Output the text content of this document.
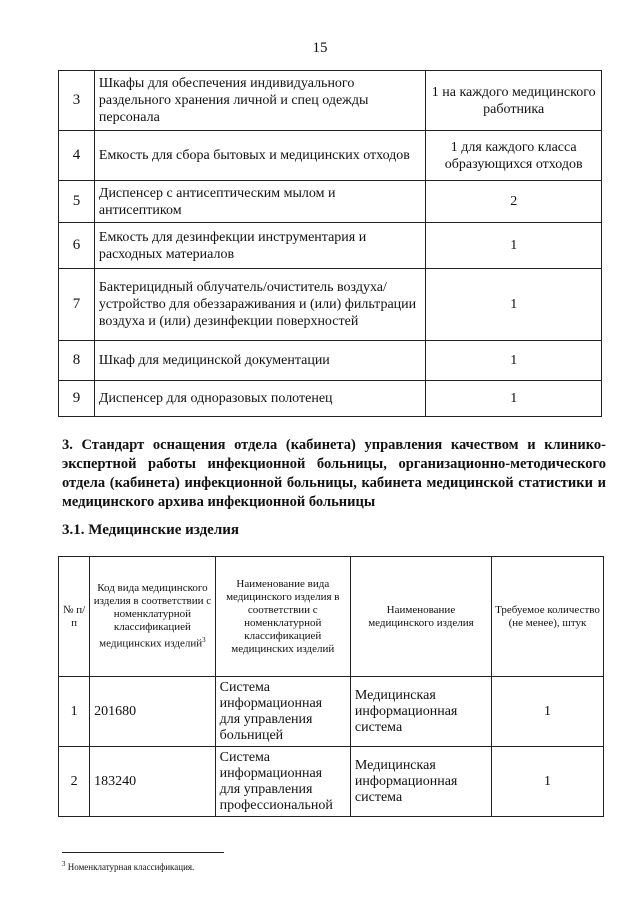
15
3	Шкафы для обеспечения индивидуального раздельного хранения личной и спец одежды персонала	1 на каждого медицинского работника
4	Емкость для сбора бытовых и медицинских отходов	1 для каждого класса образующихся отходов
5	Диспенсер с антисептическим мылом и антисептиком	2
6	Емкость для дезинфекции инструментария и расходных материалов	1
7	Бактерицидный облучатель/очиститель воздуха/устройство для обеззараживания и (или) фильтрации воздуха и (или) дезинфекции поверхностей	1
8	Шкаф для медицинской документации	1
9	Диспенсер для одноразовых полотенец	1
3. Стандарт оснащения отдела (кабинета) управления качеством и клинико-экспертной работы инфекционной больницы, организационно-методического отдела (кабинета) инфекционной больницы, кабинета медицинской статистики и медицинского архива инфекционной больницы
3.1. Медицинские изделия
№ п/п	Код вида медицинского изделия в соответствии с номенклатурной классификацией медицинских изделий$^3$	Наименование вида медицинского изделия в соответствии с номенклатурной классификацией медицинских изделий	Наименование медицинского изделия	Требуемое количество (не менее), штук
1	201680	Система информационная для управления больницей	Медицинская информационная система	1
2	183240	Система информационная для управления профессиональной	Медицинская информационная система	1
$^3$ Номенклатурная классификация.
